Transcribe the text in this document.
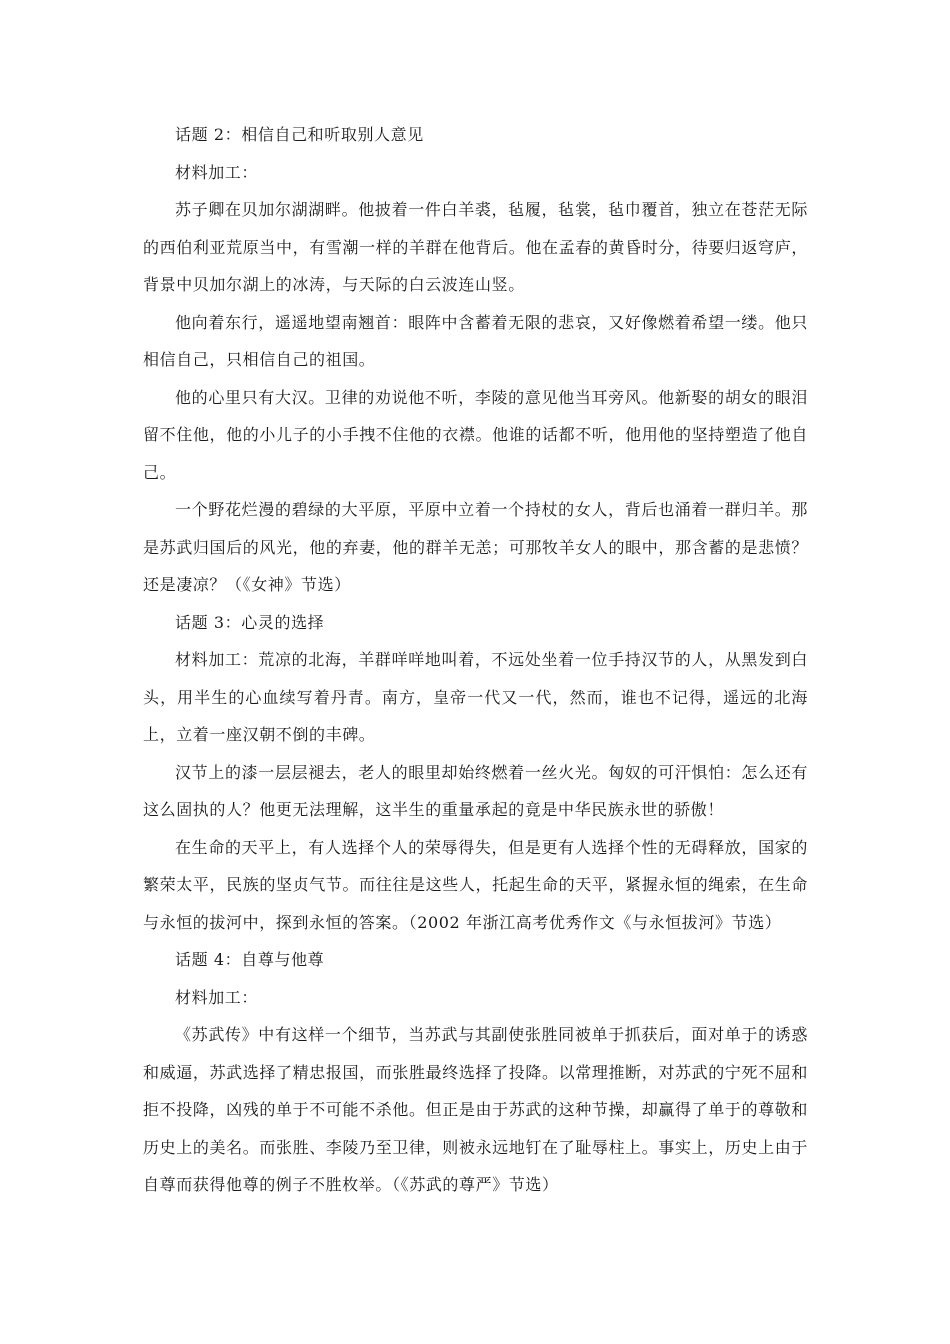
话题 2：相信自己和听取别人意见

材料加工：

苏子卿在贝加尔湖湖畔。他披着一件白羊裘，毡履，毡裳，毡巾覆首，独立在苍茫无际的西伯利亚荒原当中，有雪潮一样的羊群在他背后。他在孟春的黄昏时分，待要归返穹庐，背景中贝加尔湖上的冰涛，与天际的白云波连山竖。

他向着东行，遥遥地望南翘首：眼阵中含蓄着无限的悲哀，又好像燃着希望一缕。他只相信自己，只相信自己的祖国。

他的心里只有大汉。卫律的劝说他不听，李陵的意见他当耳旁风。他新娶的胡女的眼泪留不住他，他的小儿子的小手拽不住他的衣襟。他谁的话都不听，他用他的坚持塑造了他自己。

一个野花烂漫的碧绿的大平原，平原中立着一个持杖的女人，背后也涌着一群归羊。那是苏武归国后的风光，他的弃妻，他的群羊无恙；可那牧羊女人的眼中，那含蓄的是悲愤？还是凄凉？（《女神》节选）

话题 3：心灵的选择

材料加工：荒凉的北海，羊群咩咩地叫着，不远处坐着一位手持汉节的人，从黑发到白头，用半生的心血续写着丹青。南方，皇帝一代又一代，然而，谁也不记得，遥远的北海上，立着一座汉朝不倒的丰碑。

汉节上的漆一层层褪去，老人的眼里却始终燃着一丝火光。匈奴的可汗惧怕：怎么还有这么固执的人？他更无法理解，这半生的重量承起的竟是中华民族永世的骄傲！

在生命的天平上，有人选择个人的荣辱得失，但是更有人选择个性的无碍释放，国家的繁荣太平，民族的坚贞气节。而往往是这些人，托起生命的天平，紧握永恒的绳索，在生命与永恒的拔河中，探到永恒的答案。（2002 年浙江高考优秀作文《与永恒拔河》节选）

话题 4：自尊与他尊

材料加工：

《苏武传》中有这样一个细节，当苏武与其副使张胜同被单于抓获后，面对单于的诱惑和威逼，苏武选择了精忠报国，而张胜最终选择了投降。以常理推断，对苏武的宁死不屈和拒不投降，凶残的单于不可能不杀他。但正是由于苏武的这种节操，却赢得了单于的尊敬和历史上的美名。而张胜、李陵乃至卫律，则被永远地钉在了耻辱柱上。事实上，历史上由于自尊而获得他尊的例子不胜枚举。（《苏武的尊严》节选）
